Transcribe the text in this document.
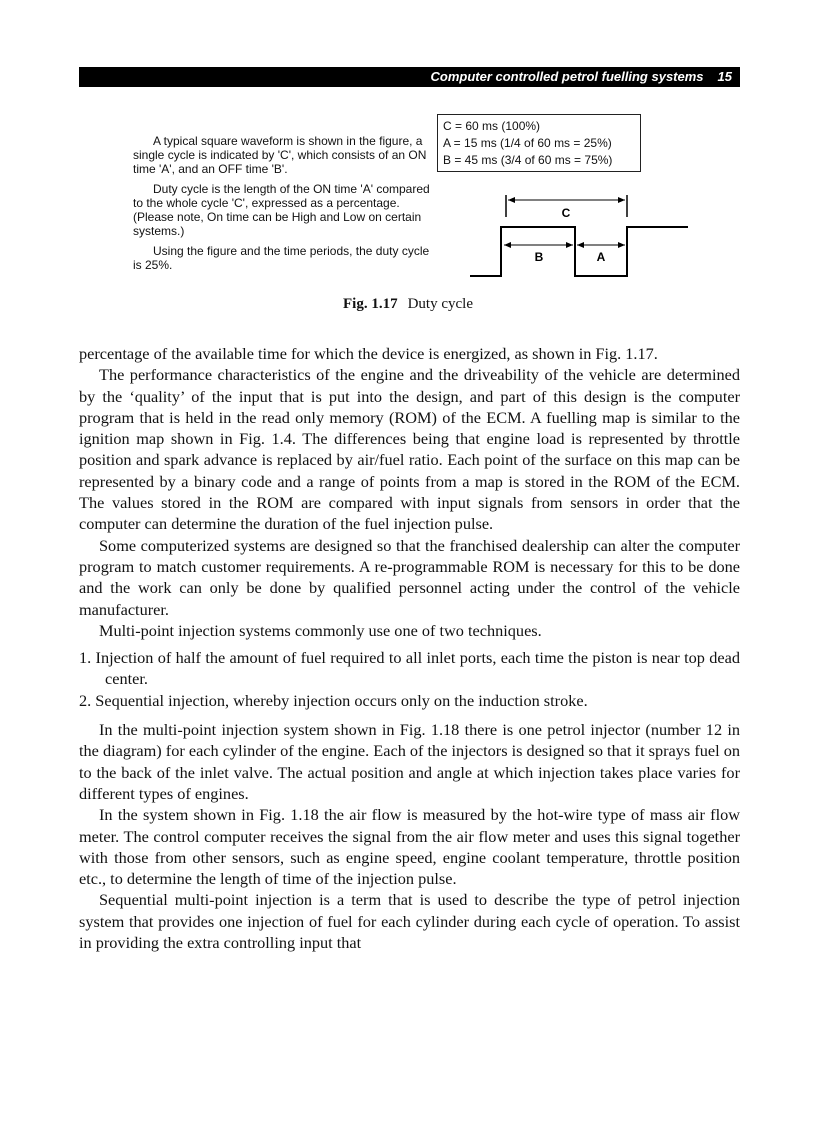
Computer controlled petrol fuelling systems 15

A typical square waveform is shown in the figure, a single cycle is indicated by 'C', which consists of an ON time 'A', and an OFF time 'B'.

Duty cycle is the length of the ON time 'A' compared to the whole cycle 'C', expressed as a percentage. (Please note, On time can be High and Low on certain systems.)

Using the figure and the time periods, the duty cycle is 25%.

C = 60 ms (100%)
A = 15 ms (1/4 of 60 ms = 25%)
B = 45 ms (3/4 of 60 ms = 75%)
C
B	A
Fig. 1.17 Duty cycle

percentage of the available time for which the device is energized, as shown in Fig. 1.17.

The performance characteristics of the engine and the driveability of the vehicle are determined by the ‘quality’ of the input that is put into the design, and part of this design is the computer program that is held in the read only memory (ROM) of the ECM. A fuelling map is similar to the ignition map shown in Fig. 1.4. The differences being that engine load is represented by throttle position and spark advance is replaced by air/fuel ratio. Each point of the surface on this map can be represented by a binary code and a range of points from a map is stored in the ROM of the ECM. The values stored in the ROM are compared with input signals from sensors in order that the computer can determine the duration of the fuel injection pulse.

Some computerized systems are designed so that the franchised dealership can alter the computer program to match customer requirements. A re-programmable ROM is necessary for this to be done and the work can only be done by qualified personnel acting under the control of the vehicle manufacturer.

Multi-point injection systems commonly use one of two techniques.

1. Injection of half the amount of fuel required to all inlet ports, each time the piston is near top dead center.
2. Sequential injection, whereby injection occurs only on the induction stroke.

In the multi-point injection system shown in Fig. 1.18 there is one petrol injector (number 12 in the diagram) for each cylinder of the engine. Each of the injectors is designed so that it sprays fuel on to the back of the inlet valve. The actual position and angle at which injection takes place varies for different types of engines.

In the system shown in Fig. 1.18 the air flow is measured by the hot-wire type of mass air flow meter. The control computer receives the signal from the air flow meter and uses this signal together with those from other sensors, such as engine speed, engine coolant temperature, throttle position etc., to determine the length of time of the injection pulse.

Sequential multi-point injection is a term that is used to describe the type of petrol injection system that provides one injection of fuel for each cylinder during each cycle of operation. To assist in providing the extra controlling input that
